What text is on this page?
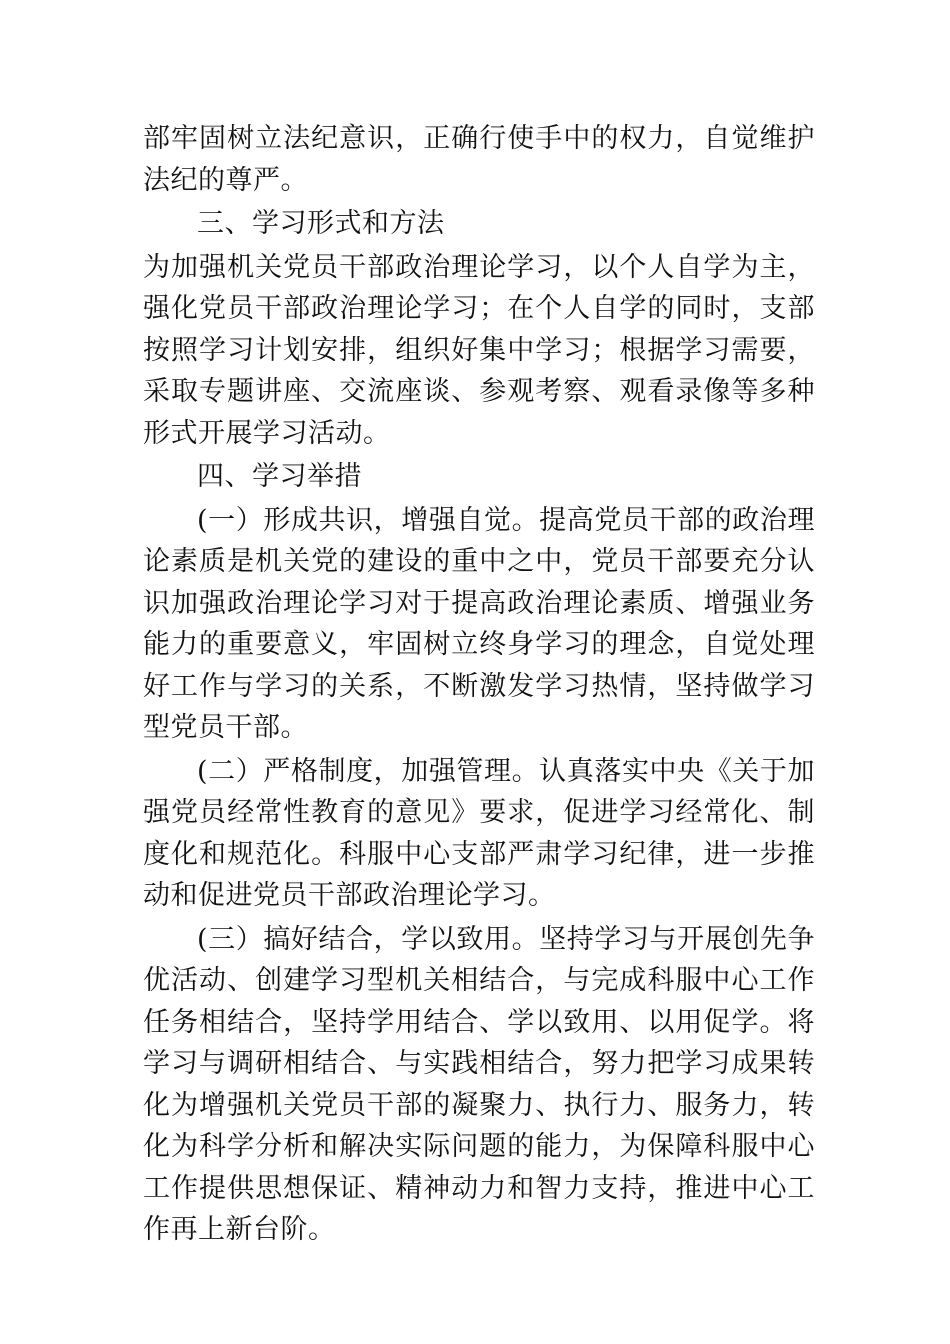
部牢固树立法纪意识，正确行使手中的权力，自觉维护法纪的尊严。

三、学习形式和方法

为加强机关党员干部政治理论学习，以个人自学为主，强化党员干部政治理论学习；在个人自学的同时，支部按照学习计划安排，组织好集中学习；根据学习需要，采取专题讲座、交流座谈、参观考察、观看录像等多种形式开展学习活动。

四、学习举措

(一）形成共识，增强自觉。提高党员干部的政治理论素质是机关党的建设的重中之中，党员干部要充分认识加强政治理论学习对于提高政治理论素质、增强业务能力的重要意义，牢固树立终身学习的理念，自觉处理好工作与学习的关系，不断激发学习热情，坚持做学习型党员干部。

(二）严格制度，加强管理。认真落实中央《关于加强党员经常性教育的意见》要求，促进学习经常化、制度化和规范化。科服中心支部严肃学习纪律，进一步推动和促进党员干部政治理论学习。

(三）搞好结合，学以致用。坚持学习与开展创先争优活动、创建学习型机关相结合，与完成科服中心工作任务相结合，坚持学用结合、学以致用、以用促学。将学习与调研相结合、与实践相结合，努力把学习成果转化为增强机关党员干部的凝聚力、执行力、服务力，转化为科学分析和解决实际问题的能力，为保障科服中心工作提供思想保证、精神动力和智力支持，推进中心工作再上新台阶。
